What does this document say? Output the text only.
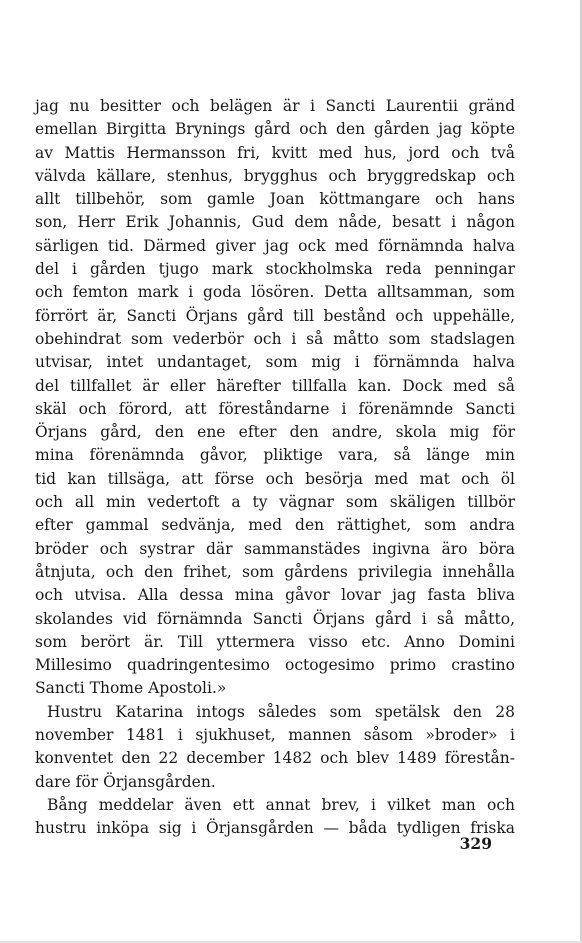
jag nu besitter och belägen är i Sancti Laurentii gränd
emellan Birgitta Brynings gård och den gården jag köpte
av Mattis Hermansson fri, kvitt med hus, jord och två
välvda källare, stenhus, brygghus och bryggredskap och
allt tillbehör, som gamle Joan köttmangare och hans
son, Herr Erik Johannis, Gud dem nåde, besatt i någon
särligen tid. Därmed giver jag ock med förnämnda halva
del i gården tjugo mark stockholmska reda penningar
och femton mark i goda lösören. Detta alltsamman, som
förrört är, Sancti Örjans gård till bestånd och uppehälle,
obehindrat som vederbör och i så måtto som stadslagen
utvisar, intet undantaget, som mig i förnämnda halva
del tillfallet är eller härefter tillfalla kan. Dock med så
skäl och förord, att föreståndarne i förenämnde Sancti
Örjans gård, den ene efter den andre, skola mig för
mina förenämnda gåvor, pliktige vara, så länge min
tid kan tillsäga, att förse och besörja med mat och öl
och all min vedertoft a ty vägnar som skäligen tillbör
efter gammal sedvänja, med den rättighet, som andra
bröder och systrar där sammanstädes ingivna äro böra
åtnjuta, och den frihet, som gårdens privilegia innehålla
och utvisa. Alla dessa mina gåvor lovar jag fasta bliva
skolandes vid förnämnda Sancti Örjans gård i så måtto,
som berört är. Till yttermera visso etc. Anno Domini
Millesimo quadringentesimo octogesimo primo crastino
Sancti Thome Apostoli.»
Hustru Katarina intogs således som spetälsk den 28
november 1481 i sjukhuset, mannen såsom »broder» i
konventet den 22 december 1482 och blev 1489 förestån-
dare för Örjansgården.
Bång meddelar även ett annat brev, i vilket man och
hustru inköpa sig i Örjansgården — båda tydligen friska
329
